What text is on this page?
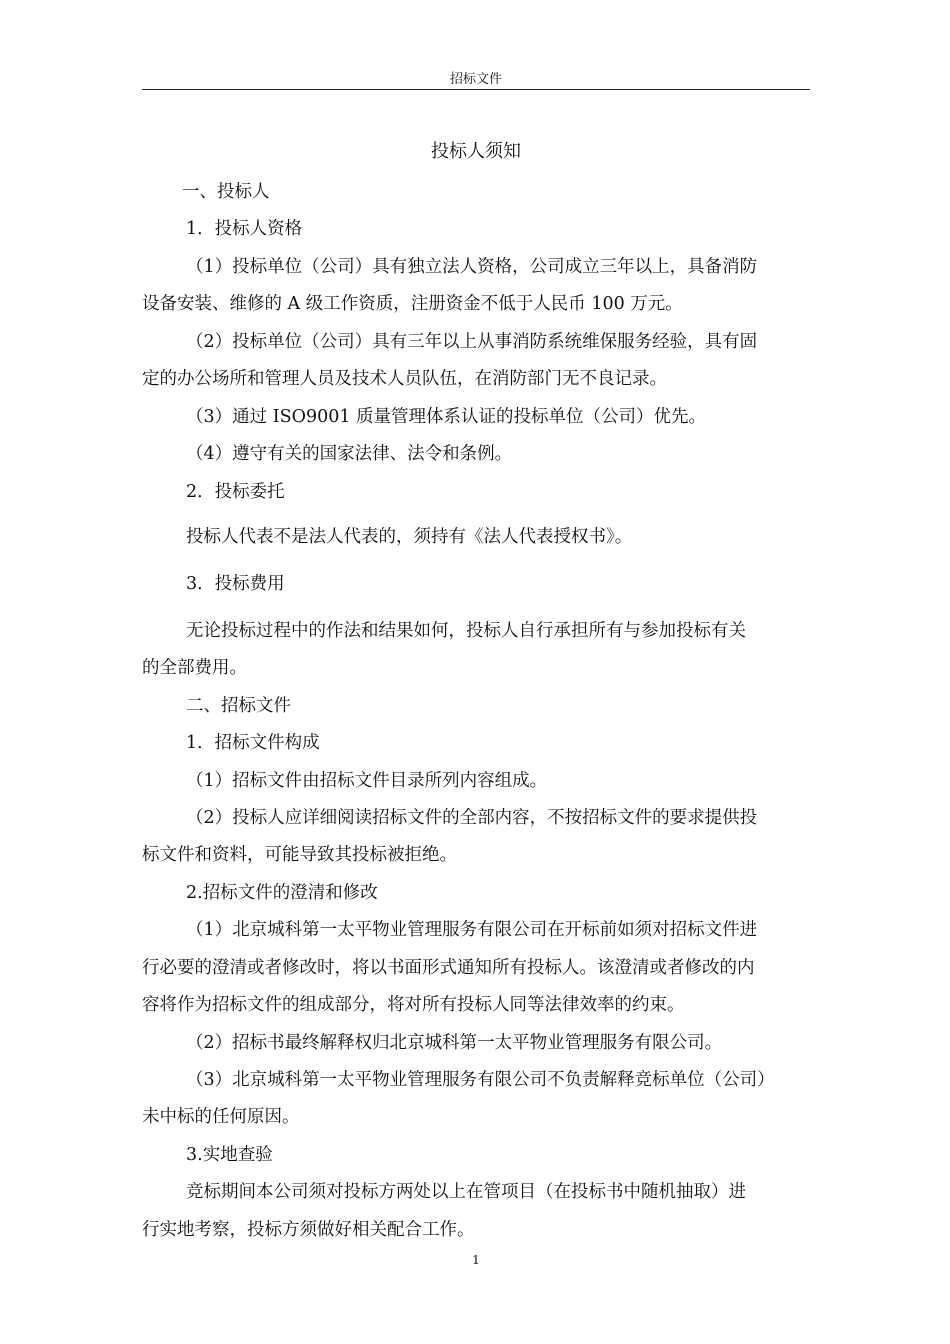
招标文件
投标人须知
一、投标人
1．投标人资格
（1）投标单位（公司）具有独立法人资格，公司成立三年以上，具备消防
设备安装、维修的 A 级工作资质，注册资金不低于人民币 100 万元。
（2）投标单位（公司）具有三年以上从事消防系统维保服务经验，具有固
定的办公场所和管理人员及技术人员队伍，在消防部门无不良记录。
（3）通过 ISO9001 质量管理体系认证的投标单位（公司）优先。
（4）遵守有关的国家法律、法令和条例。
2．投标委托
投标人代表不是法人代表的，须持有《法人代表授权书》。
3．投标费用
无论投标过程中的作法和结果如何，投标人自行承担所有与参加投标有关
的全部费用。
二、招标文件
1．招标文件构成
（1）招标文件由招标文件目录所列内容组成。
（2）投标人应详细阅读招标文件的全部内容，不按招标文件的要求提供投
标文件和资料，可能导致其投标被拒绝。
2.招标文件的澄清和修改
（1）北京城科第一太平物业管理服务有限公司在开标前如须对招标文件进
行必要的澄清或者修改时，将以书面形式通知所有投标人。该澄清或者修改的内
容将作为招标文件的组成部分，将对所有投标人同等法律效率的约束。
（2）招标书最终解释权归北京城科第一太平物业管理服务有限公司。
（3）北京城科第一太平物业管理服务有限公司不负责解释竞标单位（公司）
未中标的任何原因。
3.实地查验
竞标期间本公司须对投标方两处以上在管项目（在投标书中随机抽取）进
行实地考察，投标方须做好相关配合工作。
1
